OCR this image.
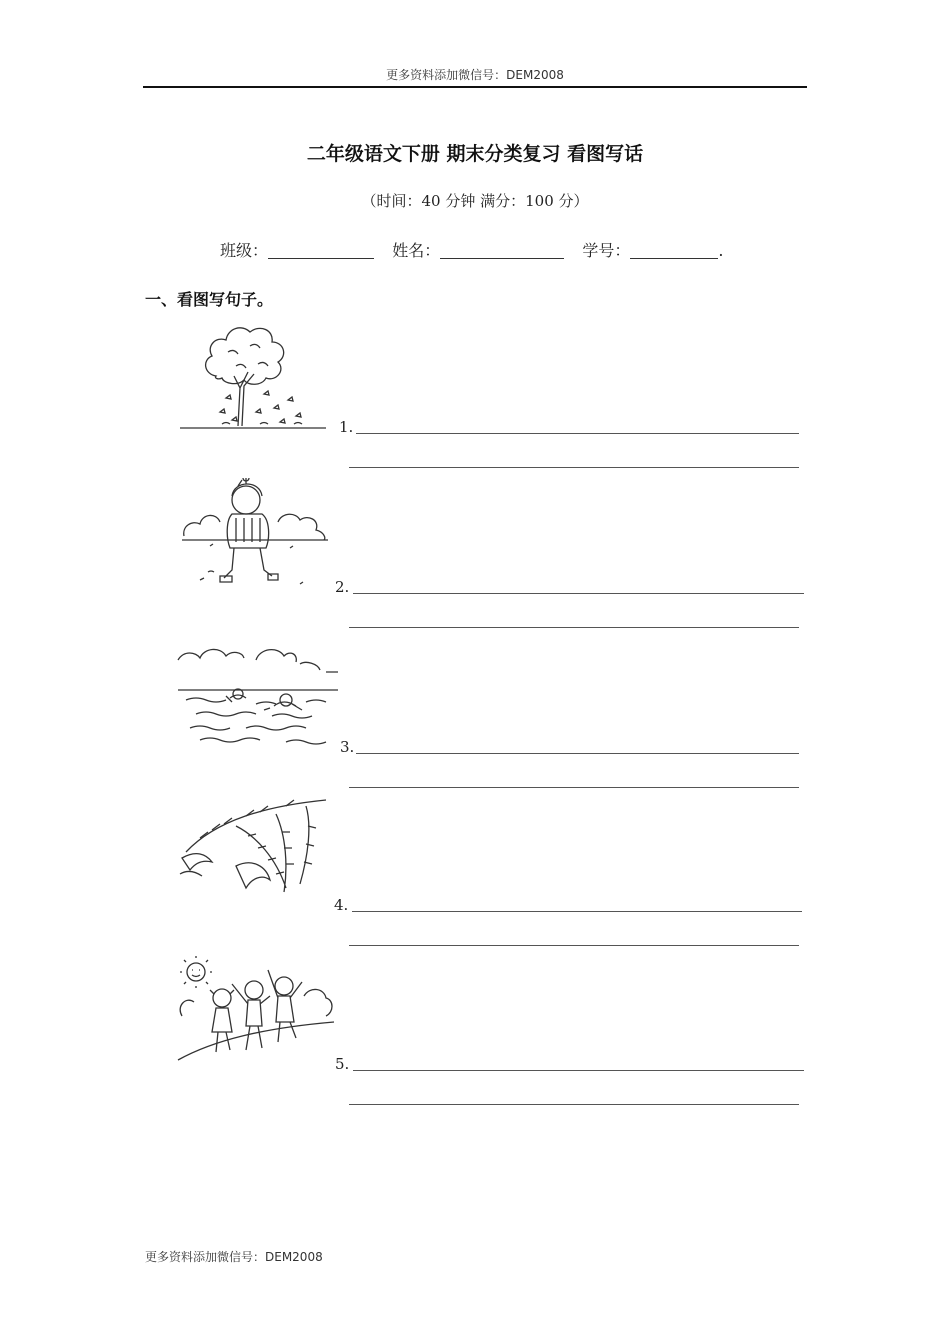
更多资料添加微信号：DEM2008
二年级语文下册 期末分类复习 看图写话
（时间：40 分钟 满分：100 分）
班级：	姓名：	学号：	.
一、看图写句子。
1.
2.
3.
4.
5.
更多资料添加微信号：DEM2008
